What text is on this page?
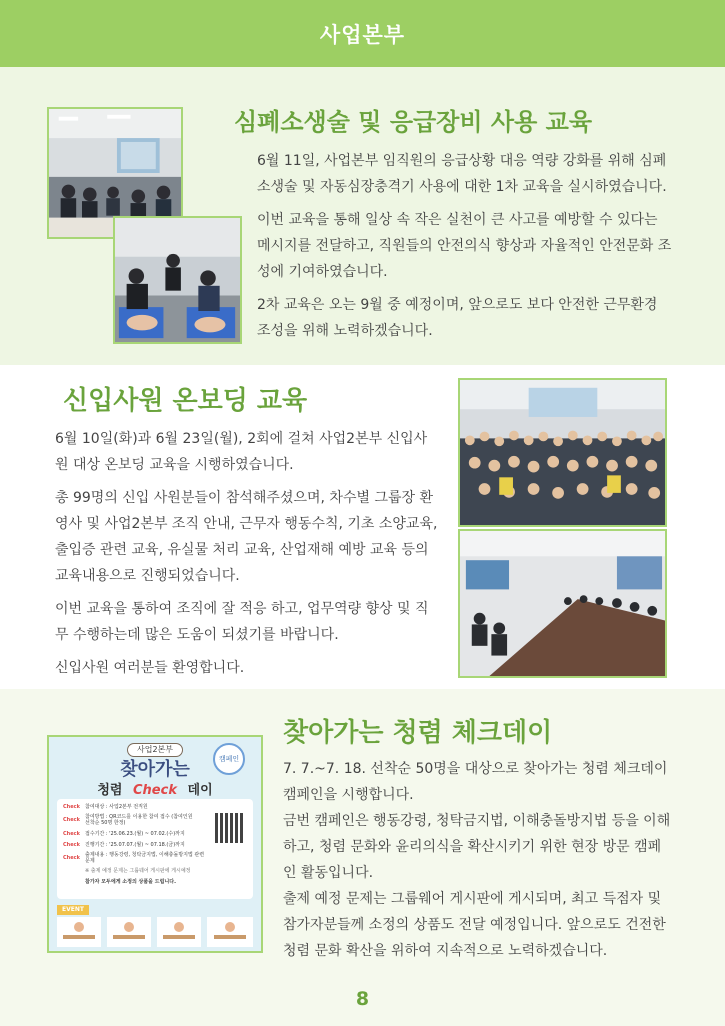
사업본부
심폐소생술 및 응급장비 사용 교육

6월 11일, 사업본부 임직원의 응급상황 대응 역량 강화를 위해 심폐소생술 및 자동심장충격기 사용에 대한 1차 교육을 실시하였습니다.

이번 교육을 통해 일상 속 작은 실천이 큰 사고를 예방할 수 있다는 메시지를 전달하고, 직원들의 안전의식 향상과 자율적인 안전문화 조성에 기여하였습니다.

2차 교육은 오는 9월 중 예정이며, 앞으로도 보다 안전한 근무환경 조성을 위해 노력하겠습니다.

신입사원 온보딩 교육

6월 10일(화)과 6월 23일(월), 2회에 걸쳐 사업2본부 신입사원 대상 온보딩 교육을 시행하였습니다.

총 99명의 신입 사원분들이 참석해주셨으며, 차수별 그룹장 환영사 및 사업2본부 조직 안내, 근무자 행동수칙, 기초 소양교육, 출입증 관련 교육, 유실물 처리 교육, 산업재해 예방 교육 등의 교육내용으로 진행되었습니다.

이번 교육을 통하여 조직에 잘 적응 하고, 업무역량 향상 및 직무 수행하는데 많은 도움이 되셨기를 바랍니다.

신입사원 여러분들 환영합니다.

사업2본부
캠페인
찾아가는
청렴 Check 데이
Check	참여대상 : 사업2본부 전직원
Check	참여방법 : QR코드를 이용한 참여 접수 (참여인원 선착순 50명 한정)
Check	접수기간 : '25.06.23.(월) ~ 07.02.(수)까지
Check	진행기간 : '25.07.07.(월) ~ 07.18.(금)까지
Check	출제내용 : 행동강령, 청탁금지법, 이해충돌방지법 관련 문제
※ 출제 예정 문제는 그룹웨어 게시판에 게시예정
참가자 모두에게 소정의 상품을 드립니다.
EVENT
찾아가는 청렴 체크데이

7. 7.~7. 18. 선착순 50명을 대상으로 찾아가는 청렴 체크데이 캠페인을 시행합니다.

금번 캠페인은 행동강령, 청탁금지법, 이해충돌방지법 등을 이해하고, 청렴 문화와 윤리의식을 확산시키기 위한 현장 방문 캠페인 활동입니다.

출제 예정 문제는 그룹웨어 게시판에 게시되며, 최고 득점자 및 참가자분들께 소정의 상품도 전달 예정입니다. 앞으로도 건전한 청렴 문화 확산을 위하여 지속적으로 노력하겠습니다.

8
